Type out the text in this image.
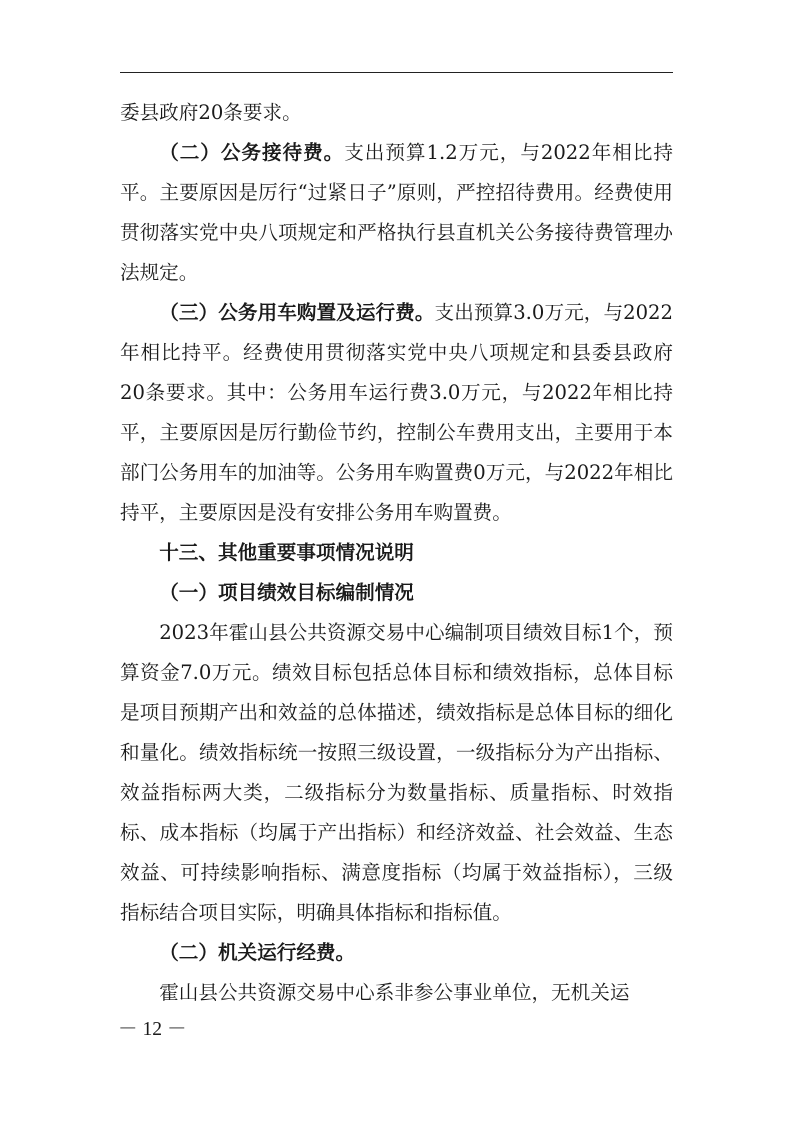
委县政府20条要求。

（二）公务接待费。支出预算1.2万元，与2022年相比持平。主要原因是厉行“过紧日子”原则，严控招待费用。经费使用贯彻落实党中央八项规定和严格执行县直机关公务接待费管理办法规定。

（三）公务用车购置及运行费。支出预算3.0万元，与2022年相比持平。经费使用贯彻落实党中央八项规定和县委县政府20条要求。其中：公务用车运行费3.0万元，与2022年相比持平，主要原因是厉行勤俭节约，控制公车费用支出，主要用于本部门公务用车的加油等。公务用车购置费0万元，与2022年相比持平，主要原因是没有安排公务用车购置费。

十三、其他重要事项情况说明

（一）项目绩效目标编制情况

2023年霍山县公共资源交易中心编制项目绩效目标1个，预算资金7.0万元。绩效目标包括总体目标和绩效指标，总体目标是项目预期产出和效益的总体描述，绩效指标是总体目标的细化和量化。绩效指标统一按照三级设置，一级指标分为产出指标、效益指标两大类，二级指标分为数量指标、质量指标、时效指标、成本指标（均属于产出指标）和经济效益、社会效益、生态效益、可持续影响指标、满意度指标（均属于效益指标），三级指标结合项目实际，明确具体指标和指标值。

（二）机关运行经费。

霍山县公共资源交易中心系非参公事业单位，无机关运

－ 12 －
